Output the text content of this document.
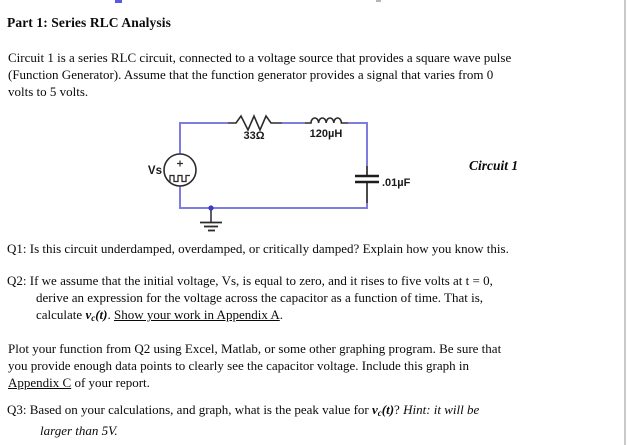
Part 1: Series RLC Analysis
Circuit 1 is a series RLC circuit, connected to a voltage source that provides a square wave pulse
(Function Generator). Assume that the function generator provides a signal that varies from 0
volts to 5 volts.
Vs
33Ω	120µH
.01µF
Circuit 1
Q1: Is this circuit underdamped, overdamped, or critically damped? Explain how you know this.
Q2: If we assume that the initial voltage, Vs, is equal to zero, and it rises to five volts at t = 0,
derive an expression for the voltage across the capacitor as a function of time. That is,
calculate $v_c(t)$. Show your work in Appendix A.
Plot your function from Q2 using Excel, Matlab, or some other graphing program. Be sure that
you provide enough data points to clearly see the capacitor voltage. Include this graph in
Appendix C of your report.
Q3: Based on your calculations, and graph, what is the peak value for $v_c(t)$? Hint: it will be
larger than 5V.
